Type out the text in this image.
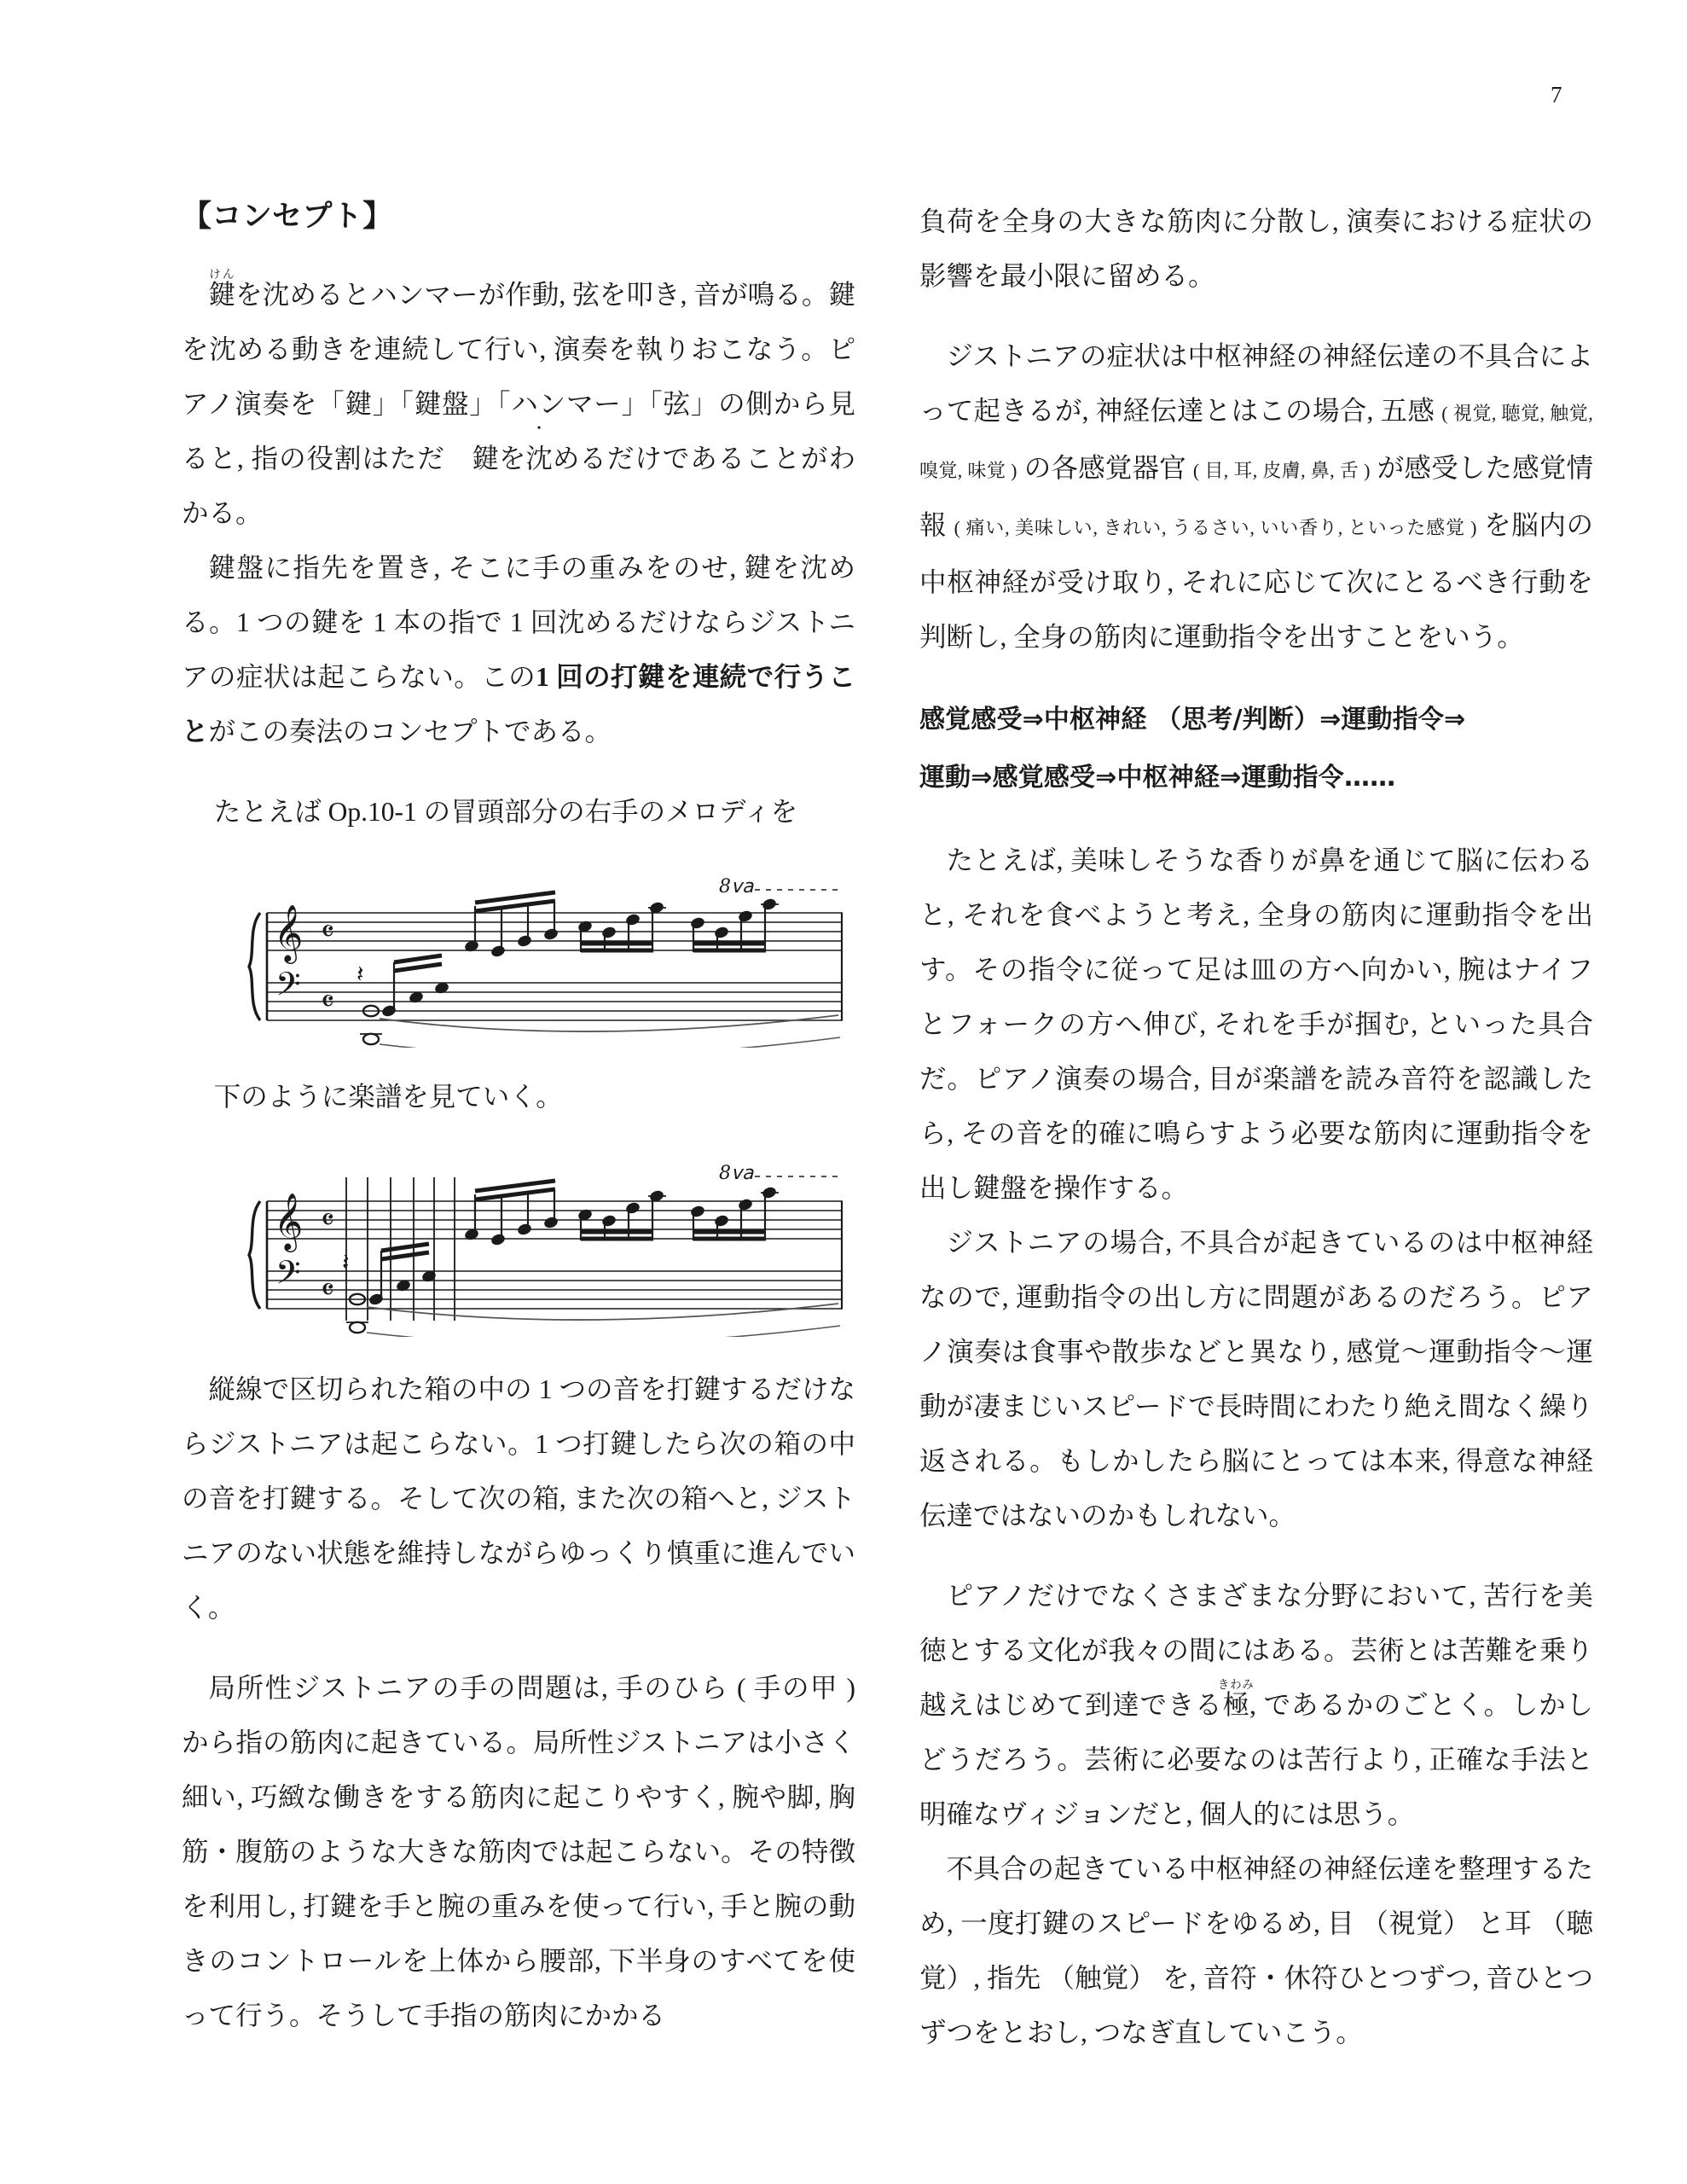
7
【コンセプト】

鍵けんを沈めるとハンマーが作動, 弦を叩き, 音が鳴る。鍵を沈める動きを連続して行い, 演奏を執りおこなう。ピアノ演奏を「鍵」「鍵盤」「ハンマー」「弦」の側から見ると, 指の役割はただ 鍵を沈める •だけであることがわかる。

鍵盤に指先を置き, そこに手の重みをのせ, 鍵を沈める。1 つの鍵を 1 本の指で 1 回沈めるだけならジストニアの症状は起こらない。この1 回の打鍵を連続で行うことがこの奏法のコンセプトである。

たとえば Op.10-1 の冒頭部分の右手のメロディを

𝄞
𝄢
𝄴
𝄴
8𝗏𝖺
𝄽

下のように楽譜を見ていく。

𝄞
𝄢
𝄴
𝄴
8𝗏𝖺
𝄽

縦線で区切られた箱の中の 1 つの音を打鍵するだけならジストニアは起こらない。1 つ打鍵したら次の箱の中の音を打鍵する。そして次の箱, また次の箱へと, ジストニアのない状態を維持しながらゆっくり慎重に進んでいく。

局所性ジストニアの手の問題は, 手のひら ( 手の甲 ) から指の筋肉に起きている。局所性ジストニアは小さく細い, 巧緻な働きをする筋肉に起こりやすく, 腕や脚, 胸筋・腹筋のような大きな筋肉では起こらない。その特徴を利用し, 打鍵を手と腕の重みを使って行い, 手と腕の動きのコントロールを上体から腰部, 下半身のすべてを使って行う。そうして手指の筋肉にかかる

負荷を全身の大きな筋肉に分散し, 演奏における症状の影響を最小限に留める。

ジストニアの症状は中枢神経の神経伝達の不具合によって起きるが, 神経伝達とはこの場合, 五感 ( 視覚, 聴覚, 触覚, 嗅覚, 味覚 ) の各感覚器官 ( 目, 耳, 皮膚, 鼻, 舌 ) が感受した感覚情報 ( 痛い, 美味しい, きれい, うるさい, いい香り, といった感覚 ) を脳内の中枢神経が受け取り, それに応じて次にとるべき行動を判断し, 全身の筋肉に運動指令を出すことをいう。

感覚感受⇒中枢神経 （思考/判断）⇒運動指令⇒

運動⇒感覚感受⇒中枢神経⇒運動指令……

たとえば, 美味しそうな香りが鼻を通じて脳に伝わると, それを食べようと考え, 全身の筋肉に運動指令を出す。その指令に従って足は皿の方へ向かい, 腕はナイフとフォークの方へ伸び, それを手が掴む, といった具合だ。ピアノ演奏の場合, 目が楽譜を読み音符を認識したら, その音を的確に鳴らすよう必要な筋肉に運動指令を出し鍵盤を操作する。

ジストニアの場合, 不具合が起きているのは中枢神経なので, 運動指令の出し方に問題があるのだろう。ピアノ演奏は食事や散歩などと異なり, 感覚〜運動指令〜運動が凄まじいスピードで長時間にわたり絶え間なく繰り返される。もしかしたら脳にとっては本来, 得意な神経伝達ではないのかもしれない。

ピアノだけでなくさまざまな分野において, 苦行を美徳とする文化が我々の間にはある。芸術とは苦難を乗り越えはじめて到達できる極きわみ, であるかのごとく。しかしどうだろう。芸術に必要なのは苦行より, 正確な手法と明確なヴィジョンだと, 個人的には思う。

不具合の起きている中枢神経の神経伝達を整理するため, 一度打鍵のスピードをゆるめ, 目 （視覚） と耳 （聴覚）, 指先 （触覚） を, 音符・休符ひとつずつ, 音ひとつずつをとおし, つなぎ直していこう。
